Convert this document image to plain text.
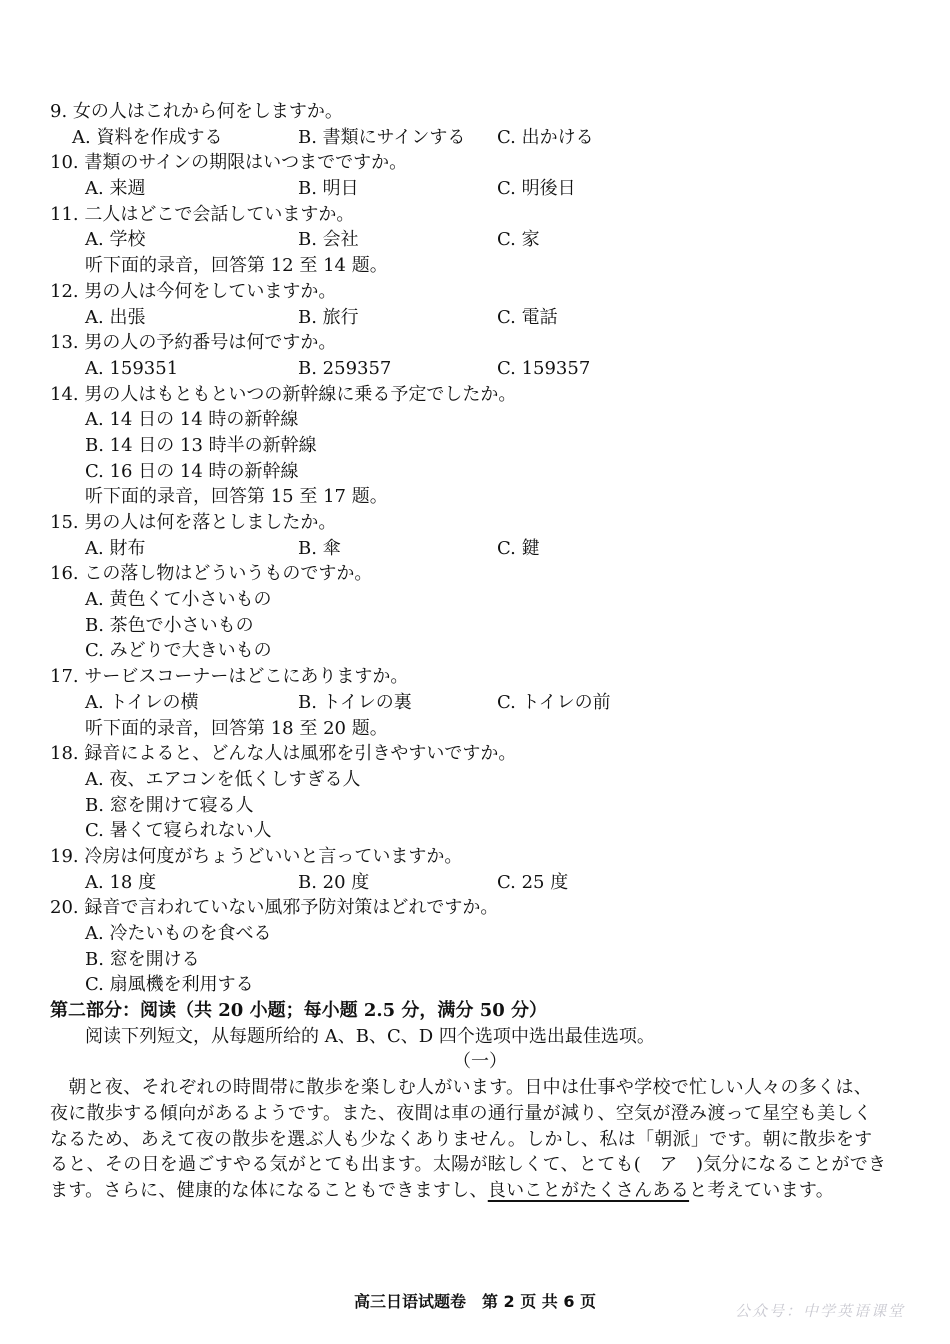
9. 女の人はこれから何をしますか。
A. 資料を作成する	B. 書類にサインする C. 出かける
10. 書類のサインの期限はいつまでですか。
A. 来週	B. 明日	C. 明後日
11. 二人はどこで会話していますか。
A. 学校	B. 会社	C. 家
听下面的录音，回答第 12 至 14 题。
12. 男の人は今何をしていますか。
A. 出張	B. 旅行	C. 電話
13. 男の人の予約番号は何ですか。
A. 159351	B. 259357	C. 159357
14. 男の人はもともといつの新幹線に乗る予定でしたか。
A. 14 日の 14 時の新幹線
B. 14 日の 13 時半の新幹線
C. 16 日の 14 時の新幹線
听下面的录音，回答第 15 至 17 题。
15. 男の人は何を落としましたか。
A. 財布	B. 傘	C. 鍵
16. この落し物はどういうものですか。
A. 黄色くて小さいもの
B. 茶色で小さいもの
C. みどりで大きいもの
17. サービスコーナーはどこにありますか。
A. トイレの横	B. トイレの裏	C. トイレの前
听下面的录音，回答第 18 至 20 题。
18. 録音によると、どんな人は風邪を引きやすいですか。
A. 夜、エアコンを低くしすぎる人
B. 窓を開けて寝る人
C. 暑くて寝られない人
19. 冷房は何度がちょうどいいと言っていますか。
A. 18 度	B. 20 度	C. 25 度
20. 録音で言われていない風邪予防対策はどれですか。
A. 冷たいものを食べる
B. 窓を開ける
C. 扇風機を利用する
第二部分：阅读（共 20 小题；每小题 2.5 分，满分 50 分）
阅读下列短文，从每题所给的 A、B、C、D 四个选项中选出最佳选项。
（一）
　朝と夜、それぞれの時間帯に散歩を楽しむ人がいます。日中は仕事や学校で忙しい人々の多くは、夜に散歩する傾向があるようです。また、夜間は車の通行量が減り、空気が澄み渡って星空も美しくなるため、あえて夜の散歩を選ぶ人も少なくありません。しかし、私は「朝派」です。朝に散歩をすると、その日を過ごすやる気がとても出ます。太陽が眩しくて、とても(　ア　)気分になることができます。さらに、健康的な体になることもできますし、良いことがたくさんあると考えています。
高三日语试题卷　第 2 页 共 6 页	公众号：中学英语课堂
